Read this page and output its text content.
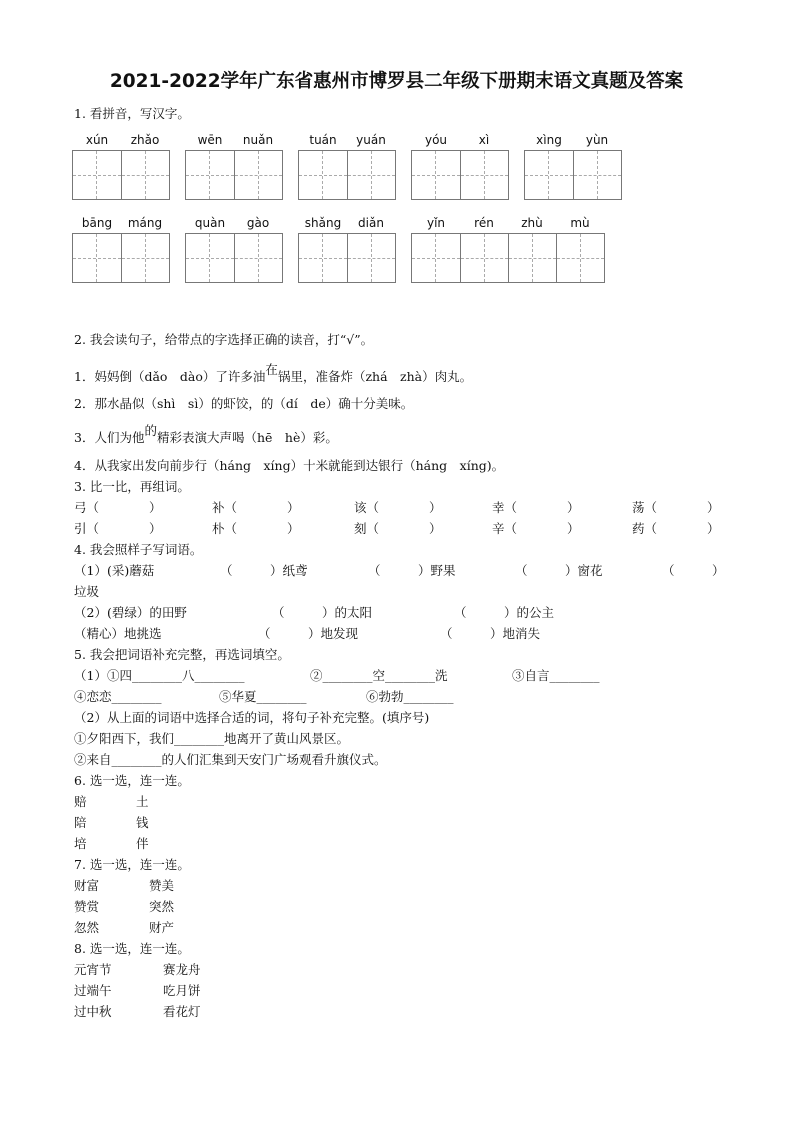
2021-2022学年广东省惠州市博罗县二年级下册期末语文真题及答案
1. 看拼音，写汉字。
xún	zhǎo	wēn	nuǎn	tuán	yuán	yóu	xì	xìng	yùn
bāng	máng	quàn	gào	shǎng	diǎn	yǐn	rén	zhù	mù
2. 我会读句子，给带点的字选择正确的读音，打“√”。
1．妈妈倒（dǎo　dào）了许多油在锅里，准备炸（zhá　zhà）肉丸。
2．那水晶似（shì　sì）的虾饺，的（dí　de）确十分美味。
3．人们为他的精彩表演大声喝（hē　hè）彩。
4．从我家出发向前步行（háng　xíng）十米就能到达银行（háng　xíng)。
3. 比一比，再组词。
弓（　　　　）	补（　　　　）	该（　　　　）	幸（　　　　）	荡（　　　　）
引（　　　　）	朴（　　　　）	刻（　　　　）	辛（　　　　）	药（　　　　）
4. 我会照样子写词语。
（1）(采)蘑菇	（　　　）纸鸢	（　　　）野果	（　　　）窗花	（　　　）
垃圾
（2）(碧绿）的田野	（　　　）的太阳	（　　　）的公主
（精心）地挑选	（　　　）地发现	（　　　）地消失
5. 我会把词语补充完整，再选词填空。
（1）①四________八________	②________空________洗	③自言________
④恋恋________	⑤华夏________	⑥勃勃________
（2）从上面的词语中选择合适的词，将句子补充完整。(填序号)
①夕阳西下，我们________地离开了黄山风景区。
②来自________的人们汇集到天安门广场观看升旗仪式。
6. 选一选，连一连。
赔	土
陪	钱
培	伴
7. 选一选，连一连。
财富	赞美
赞赏	突然
忽然	财产
8. 选一选，连一连。
元宵节	赛龙舟
过端午	吃月饼
过中秋	看花灯
